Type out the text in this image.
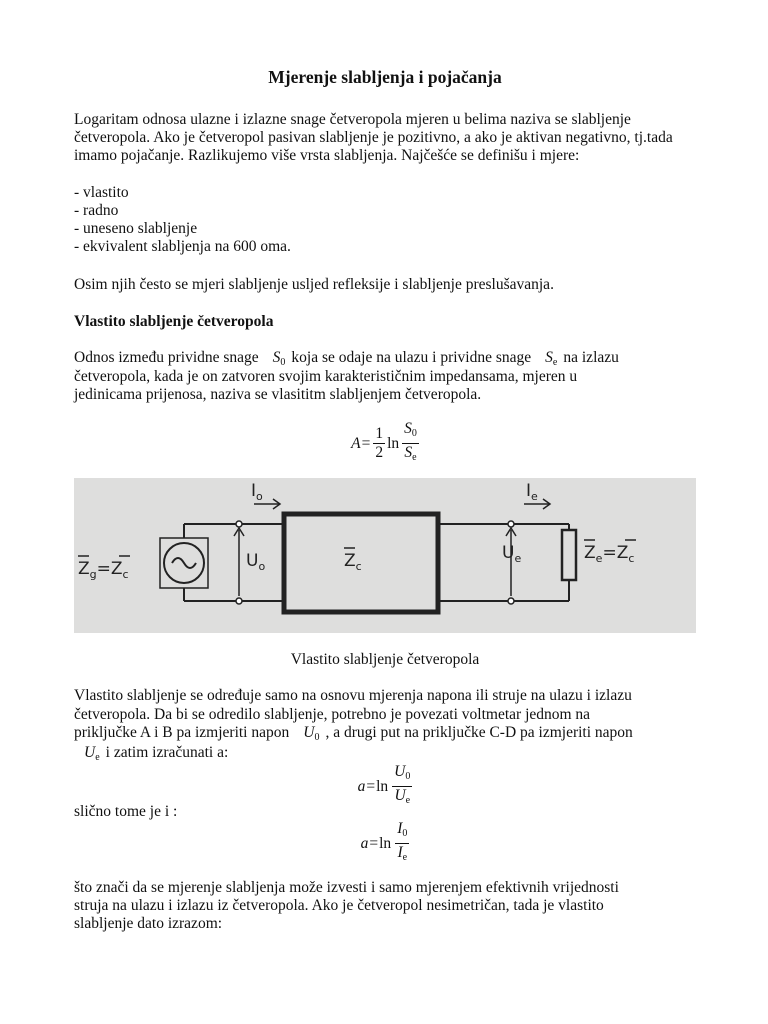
Mjerenje slabljenja i pojačanja

Logaritam odnosa ulazne i izlazne snage četveropola mjeren u belima naziva se slabljenje četveropola. Ako je četveropol pasivan slabljenje je pozitivno, a ako je aktivan negativno, tj.tada imamo pojačanje. Razlikujemo više vrsta slabljenja. Najčešće se definišu i mjere:

- vlastito
- radno
- uneseno slabljenje
- ekvivalent slabljenja na 600 oma.

Osim njih često se mjeri slabljenje usljed refleksije i slabljenje preslušavanja.

Vlastito slabljenje četveropola
Odnos između prividne snage $S_0$ koja se odaje na ulazu i prividne snage $S_e$ na izlazu
četveropola, kada je on zatvoren svojim karakterističnim impedansama, mjeren u
jedinicama prijenosa, naziva se vlasititm slabljenjem četveropola.
$A = \frac{1}{2}$ $\ln \frac{S_0}{S_e}$
Vlastito slabljenje četveropola
Vlastito slabljenje se određuje samo na osnovu mjerenja napona ili struje na ulazu i izlazu
četveropola. Da bi se odredilo slabljenje, potrebno je povezati voltmetar jednom na
priključke A i B pa izmjeriti napon $U_0$ , a drugi put na priključke C-D pa izmjeriti napon
$U_e$ i zatim izračunati a:
$a = \ln \frac{U_0}{U_e}$
slično tome je i :
$a = \ln \frac{I_0}{I_e}$
što znači da se mjerenje slabljenja može izvesti i samo mjerenjem efektivnih vrijednosti
struja na ulazu i izlazu iz četveropola. Ako je četveropol nesimetričan, tada je vlastito
slabljenje dato izrazom:
$Z_g=Z_c$
$I_o$
$U_o$	$Z_c$
$I_e$
$U_e$	$Z_e=Z_c$
